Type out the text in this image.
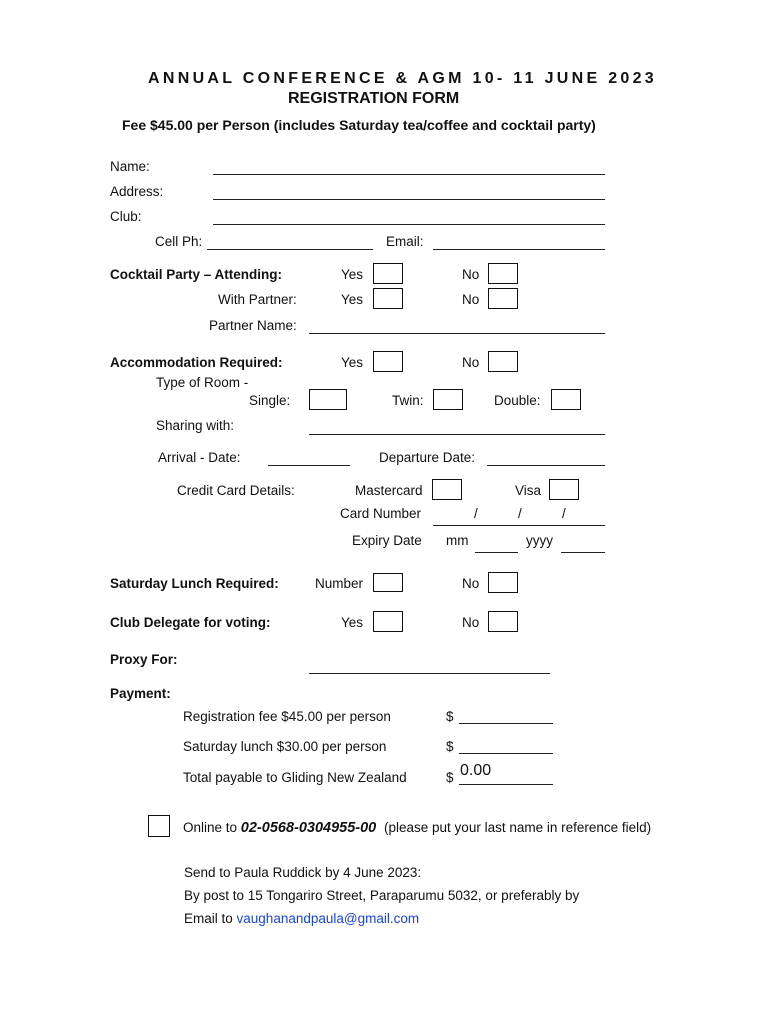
ANNUAL CONFERENCE & AGM 10- 11 JUNE 2023
REGISTRATION FORM
Fee $45.00 per Person (includes Saturday tea/coffee and cocktail party)
Name:
Address:
Club:
Cell Ph:	Email:
Cocktail Party – Attending:	Yes	No
With Partner:	Yes	No
Partner Name:
Accommodation Required:	Yes	No
Type of Room -
Single:	Twin:	Double:
Sharing with:
Arrival - Date:	Departure Date:
Credit Card Details:	Mastercard	Visa
Card Number	/	/	/
Expiry Date mm	yyyy
Saturday Lunch Required:	Number	No
Club Delegate for voting:	Yes	No
Proxy For:
Payment:
Registration fee $45.00 per person	$
Saturday lunch $30.00 per person	$
Total payable to Gliding New Zealand	$ 0.00
Online to 02-0568-0304955-00 (please put your last name in reference field)
Send to Paula Ruddick by 4 June 2023:
By post to 15 Tongariro Street, Paraparumu 5032, or preferably by
Email to vaughanandpaula@gmail.com
